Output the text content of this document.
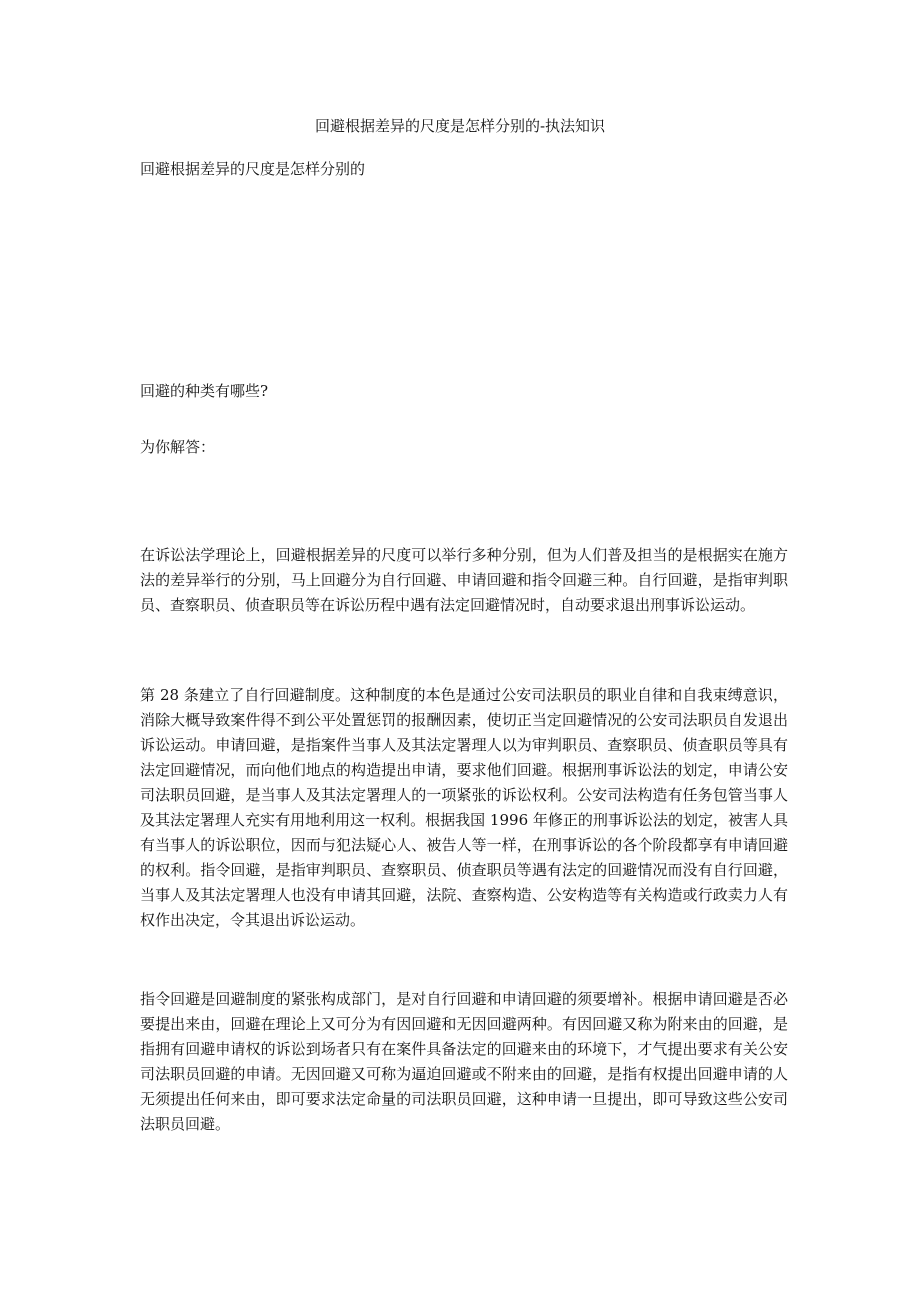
回避根据差异的尺度是怎样分别的-执法知识
回避根据差异的尺度是怎样分别的
回避的种类有哪些?
为你解答：
在诉讼法学理论上，回避根据差异的尺度可以举行多种分别，但为人们普及担当的是根据实在施方法的差异举行的分别，马上回避分为自行回避、申请回避和指令回避三种。自行回避，是指审判职员、查察职员、侦查职员等在诉讼历程中遇有法定回避情况时，自动要求退出刑事诉讼运动。
第 28 条建立了自行回避制度。这种制度的本色是通过公安司法职员的职业自律和自我束缚意识，消除大概导致案件得不到公平处置惩罚的报酬因素，使切正当定回避情况的公安司法职员自发退出诉讼运动。申请回避，是指案件当事人及其法定署理人以为审判职员、查察职员、侦查职员等具有法定回避情况，而向他们地点的构造提出申请，要求他们回避。根据刑事诉讼法的划定，申请公安司法职员回避，是当事人及其法定署理人的一项紧张的诉讼权利。公安司法构造有任务包管当事人及其法定署理人充实有用地利用这一权利。根据我国 1996 年修正的刑事诉讼法的划定，被害人具有当事人的诉讼职位，因而与犯法疑心人、被告人等一样，在刑事诉讼的各个阶段都享有申请回避的权利。指令回避，是指审判职员、查察职员、侦查职员等遇有法定的回避情况而没有自行回避，当事人及其法定署理人也没有申请其回避，法院、查察构造、公安构造等有关构造或行政卖力人有权作出决定，令其退出诉讼运动。
指令回避是回避制度的紧张构成部门，是对自行回避和申请回避的须要增补。根据申请回避是否必要提出来由，回避在理论上又可分为有因回避和无因回避两种。有因回避又称为附来由的回避，是指拥有回避申请权的诉讼到场者只有在案件具备法定的回避来由的环境下，才气提出要求有关公安司法职员回避的申请。无因回避又可称为逼迫回避或不附来由的回避，是指有权提出回避申请的人无须提出任何来由，即可要求法定命量的司法职员回避，这种申请一旦提出，即可导致这些公安司法职员回避。
